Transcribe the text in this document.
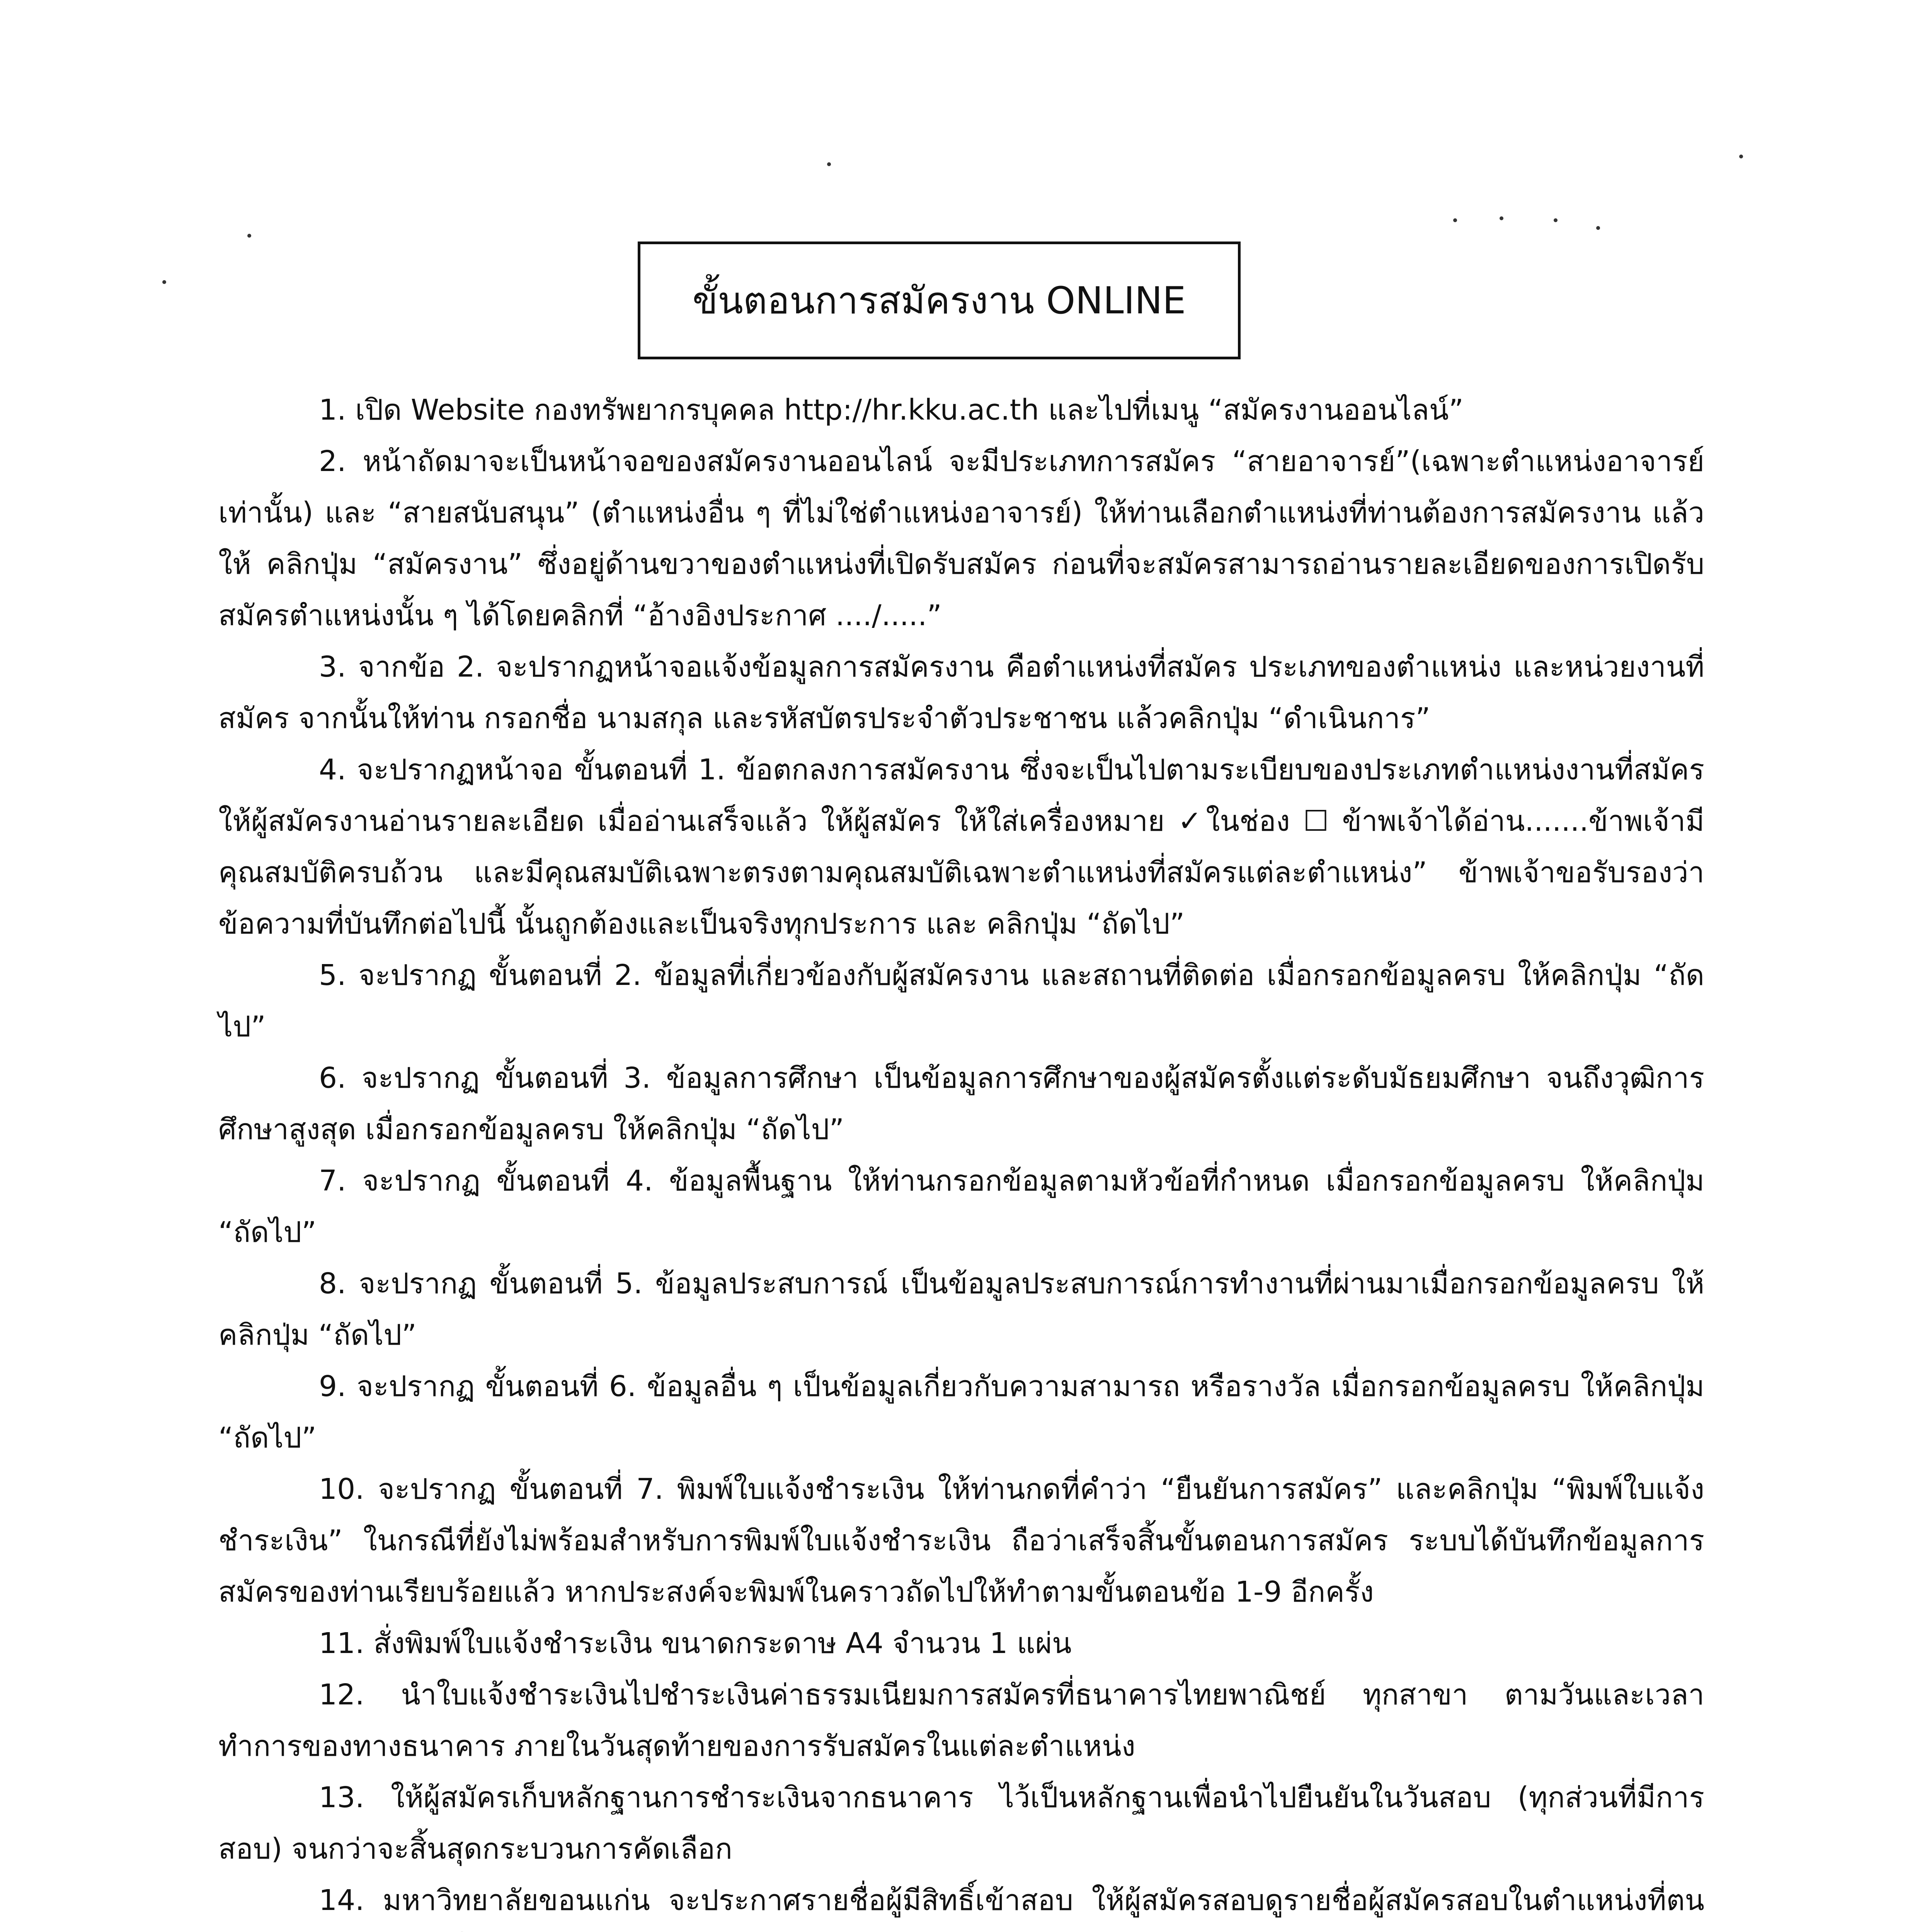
ขั้นตอนการสมัครงาน ONLINE

1. เปิด Website กองทรัพยากรบุคคล http://hr.kku.ac.th และไปที่เมนู “สมัครงานออนไลน์”

2. หน้าถัดมาจะเป็นหน้าจอของสมัครงานออนไลน์ จะมีประเภทการสมัคร “สายอาจารย์”(เฉพาะตำแหน่งอาจารย์เท่านั้น) และ “สายสนับสนุน” (ตำแหน่งอื่น ๆ ที่ไม่ใช่ตำแหน่งอาจารย์) ให้ท่านเลือกตำแหน่งที่ท่านต้องการสมัครงาน แล้วให้ คลิกปุ่ม “สมัครงาน” ซึ่งอยู่ด้านขวาของตำแหน่งที่เปิดรับสมัคร ก่อนที่จะสมัครสามารถอ่านรายละเอียดของการเปิดรับสมัครตำแหน่งนั้น ๆ ได้โดยคลิกที่ “อ้างอิงประกาศ ..../.....”

3. จากข้อ 2. จะปรากฏหน้าจอแจ้งข้อมูลการสมัครงาน คือตำแหน่งที่สมัคร ประเภทของตำแหน่ง และหน่วยงานที่สมัคร จากนั้นให้ท่าน กรอกชื่อ นามสกุล และรหัสบัตรประจำตัวประชาชน แล้วคลิกปุ่ม “ดำเนินการ”

4. จะปรากฏหน้าจอ ขั้นตอนที่ 1. ข้อตกลงการสมัครงาน ซึ่งจะเป็นไปตามระเบียบของประเภทตำแหน่งงานที่สมัคร ให้ผู้สมัครงานอ่านรายละเอียด เมื่ออ่านเสร็จแล้ว ให้ผู้สมัคร ให้ใส่เครื่องหมาย ✓ในช่อง ☐ ข้าพเจ้าได้อ่าน.......ข้าพเจ้ามีคุณสมบัติครบถ้วน และมีคุณสมบัติเฉพาะตรงตามคุณสมบัติเฉพาะตำแหน่งที่สมัครแต่ละตำแหน่ง” ข้าพเจ้าขอรับรองว่า ข้อความที่บันทึกต่อไปนี้ นั้นถูกต้องและเป็นจริงทุกประการ และ คลิกปุ่ม “ถัดไป”

5. จะปรากฏ ขั้นตอนที่ 2. ข้อมูลที่เกี่ยวข้องกับผู้สมัครงาน และสถานที่ติดต่อ เมื่อกรอกข้อมูลครบ ให้คลิกปุ่ม “ถัดไป”

6. จะปรากฏ ขั้นตอนที่ 3. ข้อมูลการศึกษา เป็นข้อมูลการศึกษาของผู้สมัครตั้งแต่ระดับมัธยมศึกษา จนถึงวุฒิการศึกษาสูงสุด เมื่อกรอกข้อมูลครบ ให้คลิกปุ่ม “ถัดไป”

7. จะปรากฏ ขั้นตอนที่ 4. ข้อมูลพื้นฐาน ให้ท่านกรอกข้อมูลตามหัวข้อที่กำหนด เมื่อกรอกข้อมูลครบ ให้คลิกปุ่ม “ถัดไป”

8. จะปรากฏ ขั้นตอนที่ 5. ข้อมูลประสบการณ์ เป็นข้อมูลประสบการณ์การทำงานที่ผ่านมาเมื่อกรอกข้อมูลครบ ให้คลิกปุ่ม “ถัดไป”

9. จะปรากฏ ขั้นตอนที่ 6. ข้อมูลอื่น ๆ เป็นข้อมูลเกี่ยวกับความสามารถ หรือรางวัล เมื่อกรอกข้อมูลครบ ให้คลิกปุ่ม “ถัดไป”

10. จะปรากฏ ขั้นตอนที่ 7. พิมพ์ใบแจ้งชำระเงิน ให้ท่านกดที่คำว่า “ยืนยันการสมัคร” และคลิกปุ่ม “พิมพ์ใบแจ้งชำระเงิน” ในกรณีที่ยังไม่พร้อมสำหรับการพิมพ์ใบแจ้งชำระเงิน ถือว่าเสร็จสิ้นขั้นตอนการสมัคร ระบบได้บันทึกข้อมูลการสมัครของท่านเรียบร้อยแล้ว หากประสงค์จะพิมพ์ในคราวถัดไปให้ทำตามขั้นตอนข้อ 1-9 อีกครั้ง

11. สั่งพิมพ์ใบแจ้งชำระเงิน ขนาดกระดาษ A4 จำนวน 1 แผ่น

12. นำใบแจ้งชำระเงินไปชำระเงินค่าธรรมเนียมการสมัครที่ธนาคารไทยพาณิชย์ ทุกสาขา ตามวันและเวลาทำการของทางธนาคาร ภายในวันสุดท้ายของการรับสมัครในแต่ละตำแหน่ง

13. ให้ผู้สมัครเก็บหลักฐานการชำระเงินจากธนาคาร ไว้เป็นหลักฐานเพื่อนำไปยืนยันในวันสอบ (ทุกส่วนที่มีการสอบ) จนกว่าจะสิ้นสุดกระบวนการคัดเลือก

14. มหาวิทยาลัยขอนแก่น จะประกาศรายชื่อผู้มีสิทธิ์เข้าสอบ ให้ผู้สมัครสอบดูรายชื่อผู้สมัครสอบในตำแหน่งที่ตน
